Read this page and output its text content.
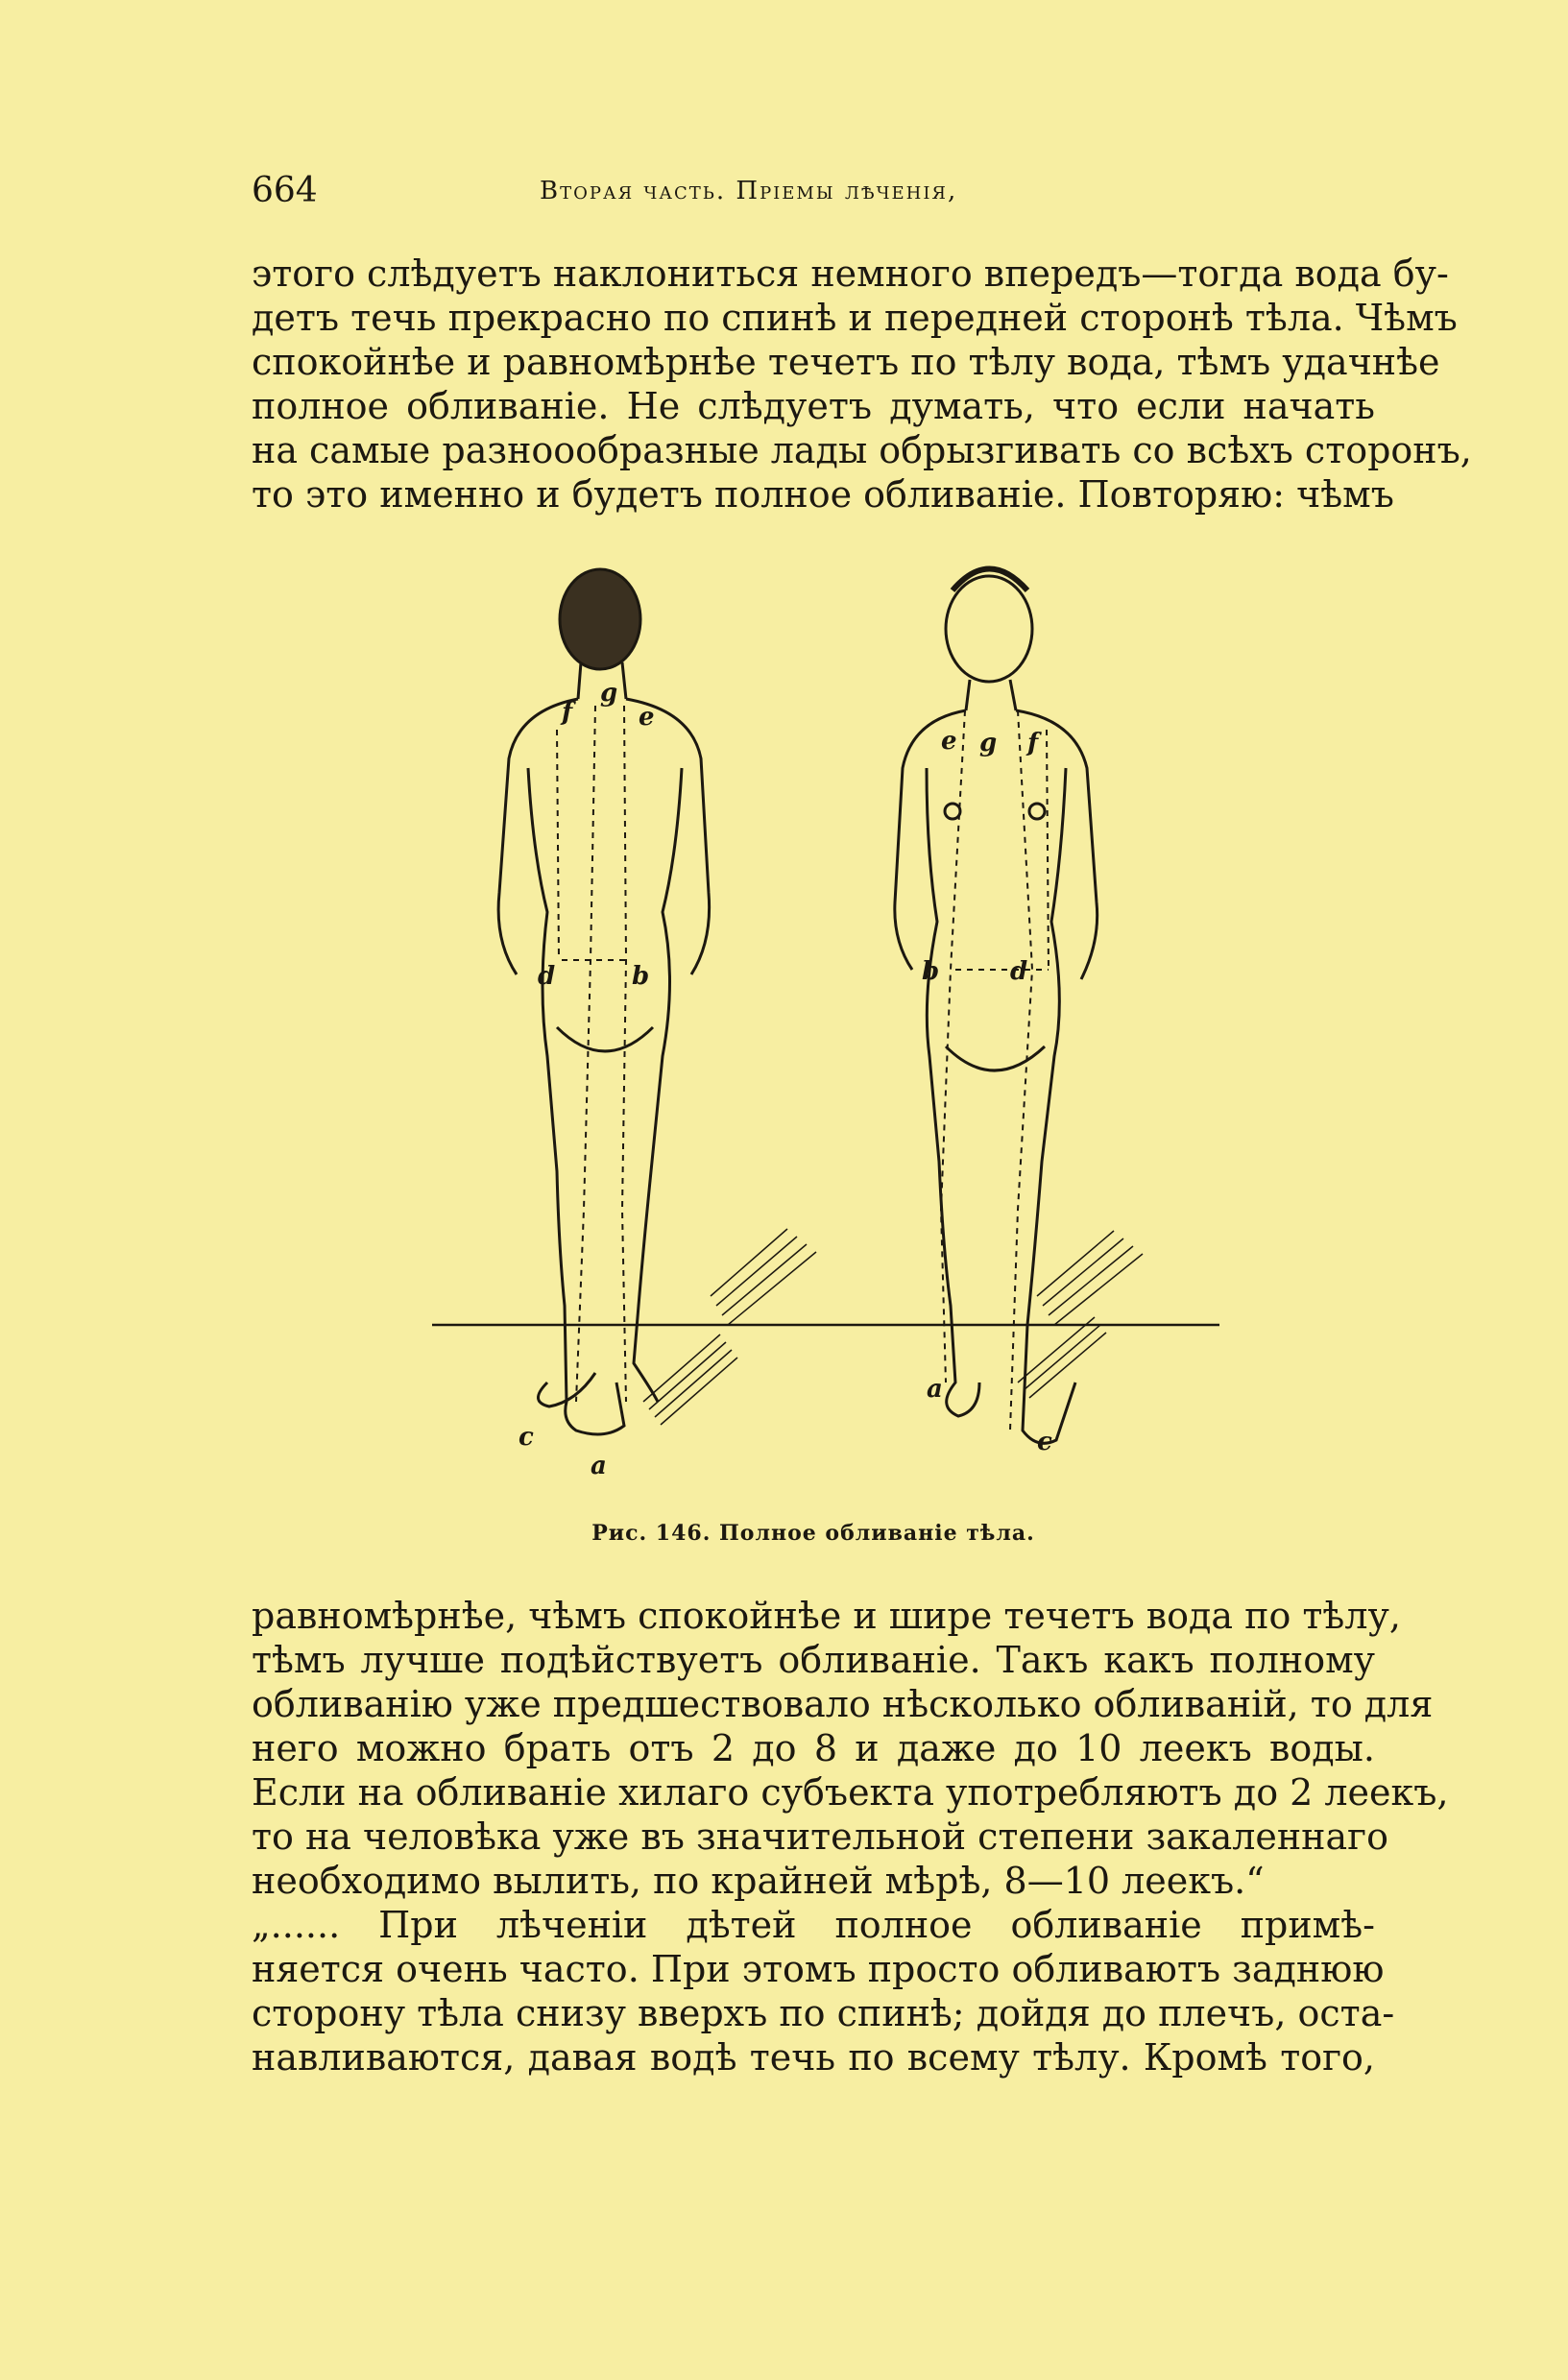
664	Вторая часть. Пріемы лѣченія,

этого слѣдуетъ наклониться немного впередъ—тогда вода бу-
детъ течь прекрасно по спинѣ и передней сторонѣ тѣла. Чѣмъ
спокойнѣе и равномѣрнѣе течетъ по тѣлу вода, тѣмъ удачнѣе
полное обливаніе. Не слѣдуетъ думать, что если начать
на самые разноообразные лады обрызгивать со всѣхъ сторонъ,
то это именно и будетъ полное обливаніе. Повторяю: чѣмъ

g
f	e
d	b
c
a
e g f
b	d
a
c
Рис. 146. Полное обливаніе тѣла.

равномѣрнѣе, чѣмъ спокойнѣе и шире течетъ вода по тѣлу,
тѣмъ лучше подѣйствуетъ обливаніе. Такъ какъ полному
обливанію уже предшествовало нѣсколько обливаній, то для
него можно брать отъ 2 до 8 и даже до 10 леекъ воды.
Если на обливаніе хилаго субъекта употребляютъ до 2 леекъ,
то на человѣка уже въ значительной степени закаленнаго
необходимо вылить, по крайней мѣрѣ, 8—10 леекъ.“

„...... При лѣченіи дѣтей полное обливаніе примѣ-
няется очень часто. При этомъ просто обливаютъ заднюю
сторону тѣла снизу вверхъ по спинѣ; дойдя до плечъ, оста-
навливаются, давая водѣ течь по всему тѣлу. Кромѣ того,
